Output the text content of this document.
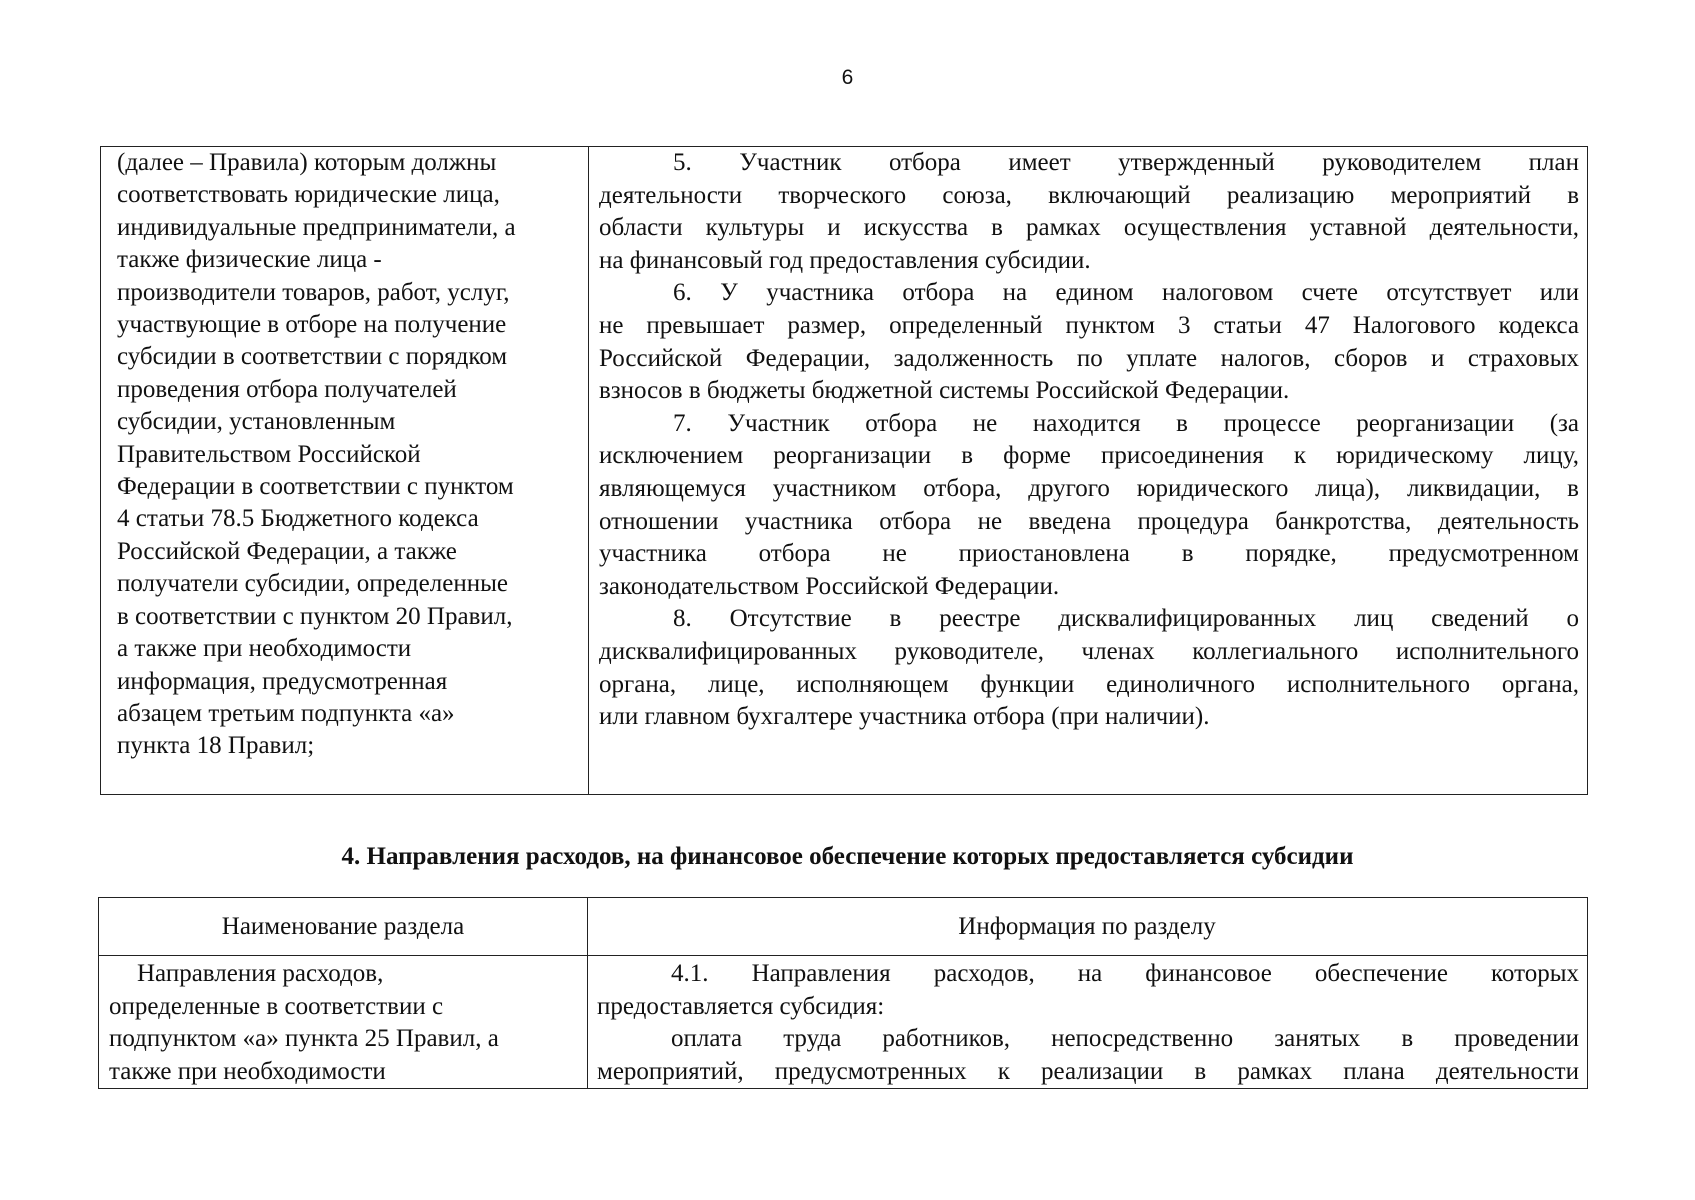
6
(далее – Правила) которым должны
соответствовать юридические лица,
индивидуальные предприниматели, а
также физические лица -
производители товаров, работ, услуг,
участвующие в отборе на получение
субсидии в соответствии с порядком
проведения отбора получателей
субсидии, установленным
Правительством Российской
Федерации в соответствии с пунктом
4 статьи 78.5 Бюджетного кодекса
Российской Федерации, а также
получатели субсидии, определенные
в соответствии с пунктом 20 Правил,
а также при необходимости
информация, предусмотренная
абзацем третьим подпункта «а»
пункта 18 Правил;
5. Участник отбора имеет утвержденный руководителем план
деятельности творческого союза, включающий реализацию мероприятий в
области культуры и искусства в рамках осуществления уставной деятельности,
на финансовый год предоставления субсидии.
6. У участника отбора на едином налоговом счете отсутствует или
не превышает размер, определенный пунктом 3 статьи 47 Налогового кодекса
Российской Федерации, задолженность по уплате налогов, сборов и страховых
взносов в бюджеты бюджетной системы Российской Федерации.
7. Участник отбора не находится в процессе реорганизации (за
исключением реорганизации в форме присоединения к юридическому лицу,
являющемуся участником отбора, другого юридического лица), ликвидации, в
отношении участника отбора не введена процедура банкротства, деятельность
участника отбора не приостановлена в порядке, предусмотренном
законодательством Российской Федерации.
8. Отсутствие в реестре дисквалифицированных лиц сведений о
дисквалифицированных руководителе, членах коллегиального исполнительного
органа, лице, исполняющем функции единоличного исполнительного органа,
или главном бухгалтере участника отбора (при наличии).
4. Направления расходов, на финансовое обеспечение которых предоставляется субсидии
Наименование раздела	Информация по разделу
Направления расходов,
определенные в соответствии с
подпунктом «а» пункта 25 Правил, а
также при необходимости
4.1. Направления расходов, на финансовое обеспечение которых
предоставляется субсидия:
оплата труда работников, непосредственно занятых в проведении
мероприятий, предусмотренных к реализации в рамках плана деятельности
